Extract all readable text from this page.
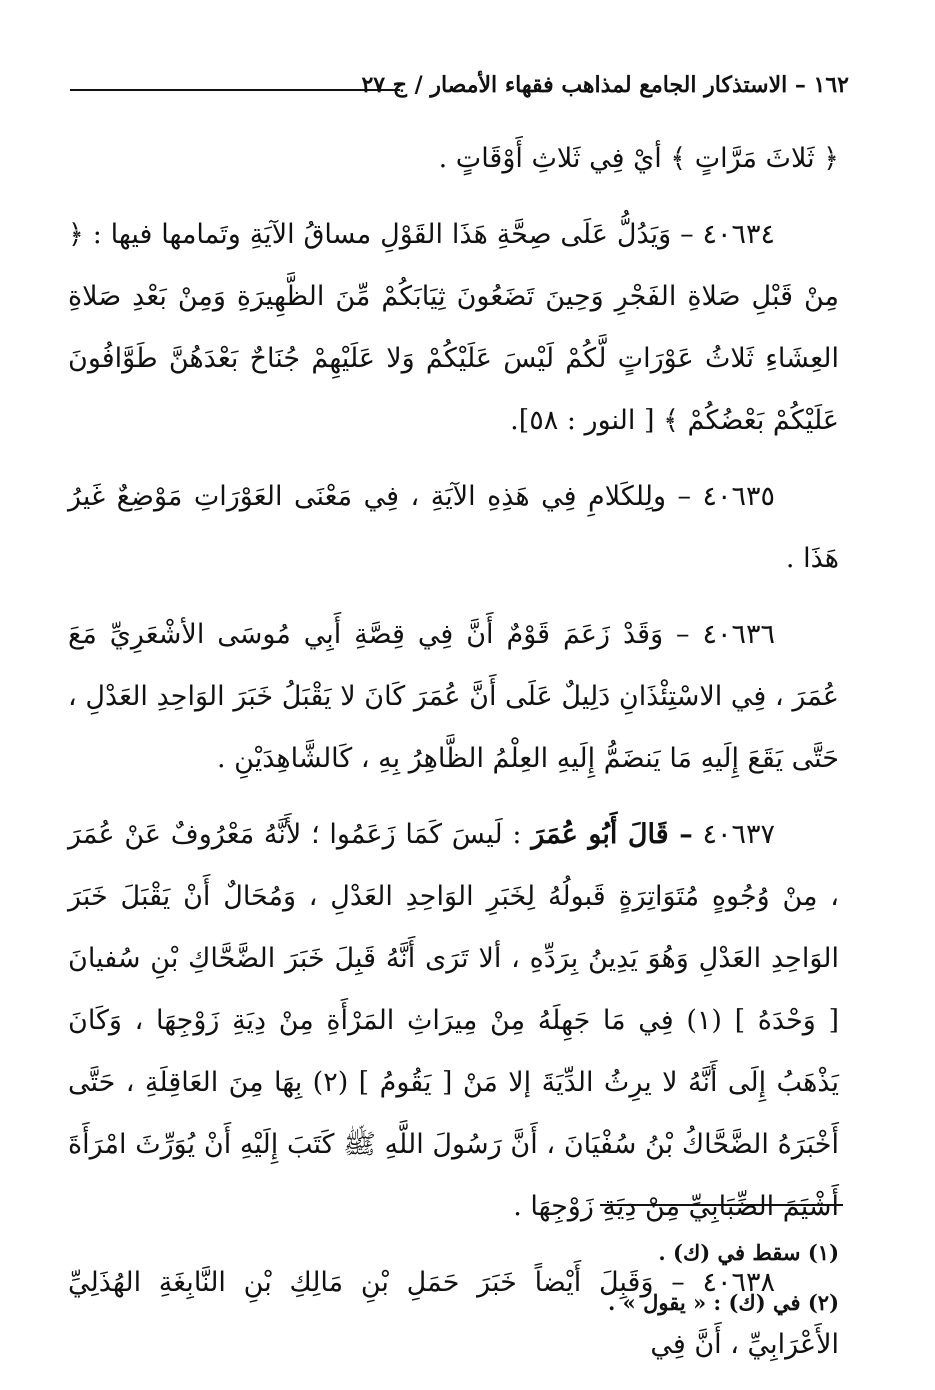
١٦٢ – الاستذكار الجامع لمذاهب فقهاء الأمصار / ج ٢٧

﴿ ثَلاثَ مَرَّاتٍ ﴾ أيْ فِي ثَلاثِ أَوْقَاتٍ .

٤٠٦٣٤ – وَيَدُلُّ عَلَى صِحَّةِ هَذَا القَوْلِ مساقُ الآيَةِ وتَمامها فيها : ﴿ مِنْ قَبْلِ صَلاةِ الفَجْرِ وَحِينَ تَضَعُونَ ثِيَابَكُمْ مِّنَ الظَّهِيرَةِ وَمِنْ بَعْدِ صَلاةِ العِشَاءِ ثَلاثُ عَوْرَاتٍ لَّكُمْ لَيْسَ عَلَيْكُمْ وَلا عَلَيْهِمْ جُنَاحٌ بَعْدَهُنَّ طَوَّافُونَ عَلَيْكُمْ بَعْضُكُمْ ﴾ [ النور : ٥٨].

٤٠٦٣٥ – ولِلكَلامِ فِي هَذِهِ الآيَةِ ، فِي مَعْنَى العَوْرَاتِ مَوْضِعٌ غَيرُ هَذَا .

٤٠٦٣٦ – وَقَدْ زَعَمَ قَوْمٌ أَنَّ فِي قِصَّةِ أَبِي مُوسَى الأشْعَرِيِّ مَعَ عُمَرَ ، فِي الاسْتِئْذَانِ دَلِيلٌ عَلَى أَنَّ عُمَرَ كَانَ لا يَقْبَلُ خَبَرَ الوَاحِدِ العَدْلِ ، حَتَّى يَقَعَ إِلَيهِ مَا يَنضَمُّ إِلَيهِ العِلْمُ الظَّاهِرُ بِهِ ، كَالشَّاهِدَيْنِ .

٤٠٦٣٧ – قَالَ أَبُو عُمَرَ : لَيسَ كَمَا زَعَمُوا ؛ لأَنَّهُ مَعْرُوفٌ عَنْ عُمَرَ ، مِنْ وُجُوهٍ مُتَوَاتِرَةٍ قَبولُهُ لِخَبَرِ الوَاحِدِ العَدْلِ ، وَمُحَالٌ أَنْ يَقْبَلَ خَبَرَ الوَاحِدِ العَدْلِ وَهُوَ يَدِينُ بِرَدِّهِ ، ألا تَرَى أَنَّهُ قَبِلَ خَبَرَ الضَّحَّاكِ بْنِ سُفيانَ [ وَحْدَهُ ] (١) فِي مَا جَهِلَهُ مِنْ مِيرَاثِ المَرْأَةِ مِنْ دِيَةِ زَوْجِهَا ، وَكَانَ يَذْهَبُ إِلَى أَنَّهُ لا يرِثُ الدِّيَةَ إلا مَنْ [ يَقُومُ ] (٢) بِهَا مِنَ العَاقِلَةِ ، حَتَّى أَخْبَرَهُ الضَّحَّاكُ بْنُ سُفْيَانَ ، أَنَّ رَسُولَ اللَّهِ ﷺ كَتَبَ إِلَيْهِ أَنْ يُوَرِّثَ امْرَأَةَ أَشْيَمَ الضِّبَابِيِّ مِنْ دِيَةِ زَوْجِهَا .

٤٠٦٣٨ – وَقَبِلَ أَيْضاً خَبَرَ حَمَلِ بْنِ مَالِكِ بْنِ النَّابِغَةِ الهُذَلِيِّ الأَعْرَابِيِّ ، أَنَّ فِي

(١) سقط في (ك) .

(٢) في (ك) : « يقول » .
